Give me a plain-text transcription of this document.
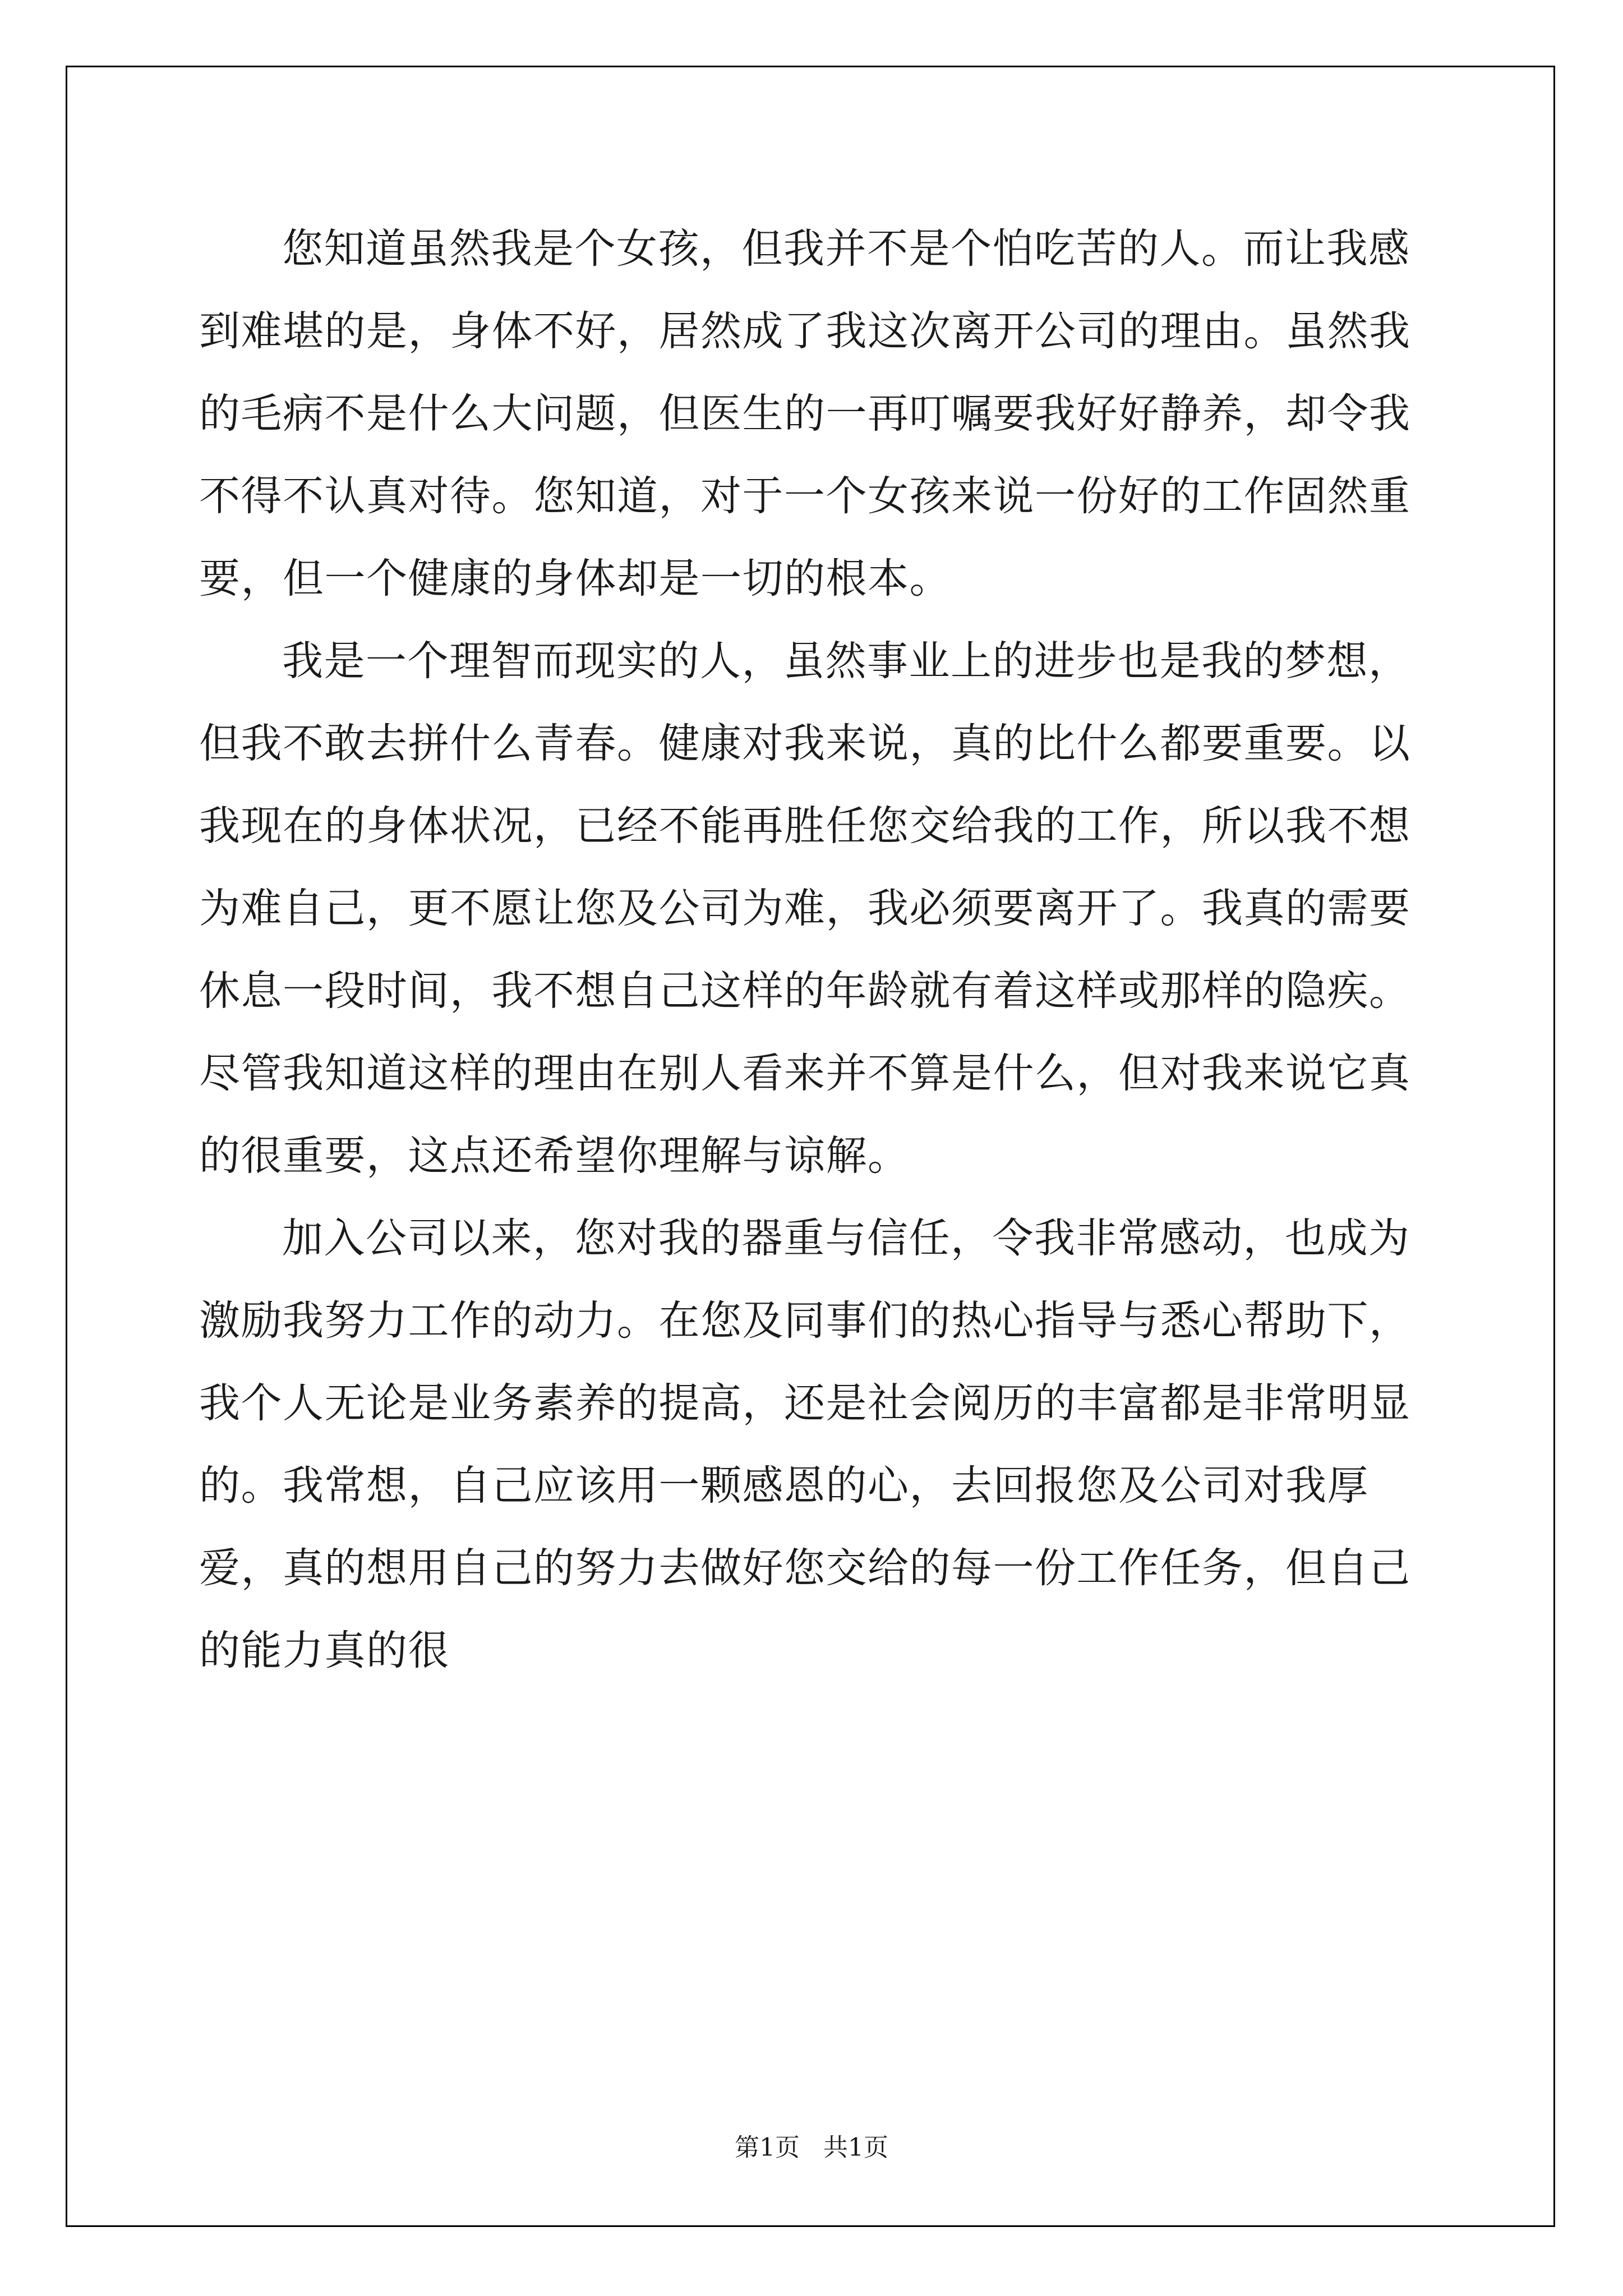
您知道虽然我是个女孩，但我并不是个怕吃苦的人。而让我感到难堪的是，身体不好，居然成了我这次离开公司的理由。虽然我的毛病不是什么大问题，但医生的一再叮嘱要我好好静养，却令我不得不认真对待。您知道，对于一个女孩来说一份好的工作固然重要，但一个健康的身体却是一切的根本。

我是一个理智而现实的人，虽然事业上的进步也是我的梦想，但我不敢去拼什么青春。健康对我来说，真的比什么都要重要。以我现在的身体状况，已经不能再胜任您交给我的工作，所以我不想为难自己，更不愿让您及公司为难，我必须要离开了。我真的需要休息一段时间，我不想自己这样的年龄就有着这样或那样的隐疾。尽管我知道这样的理由在别人看来并不算是什么，但对我来说它真的很重要，这点还希望你理解与谅解。

加入公司以来，您对我的器重与信任，令我非常感动，也成为激励我努力工作的动力。在您及同事们的热心指导与悉心帮助下，我个人无论是业务素养的提高，还是社会阅历的丰富都是非常明显的。我常想，自己应该用一颗感恩的心，去回报您及公司对我厚爱，真的想用自己的努力去做好您交给的每一份工作任务，但自己的能力真的很

第1页 共1页
